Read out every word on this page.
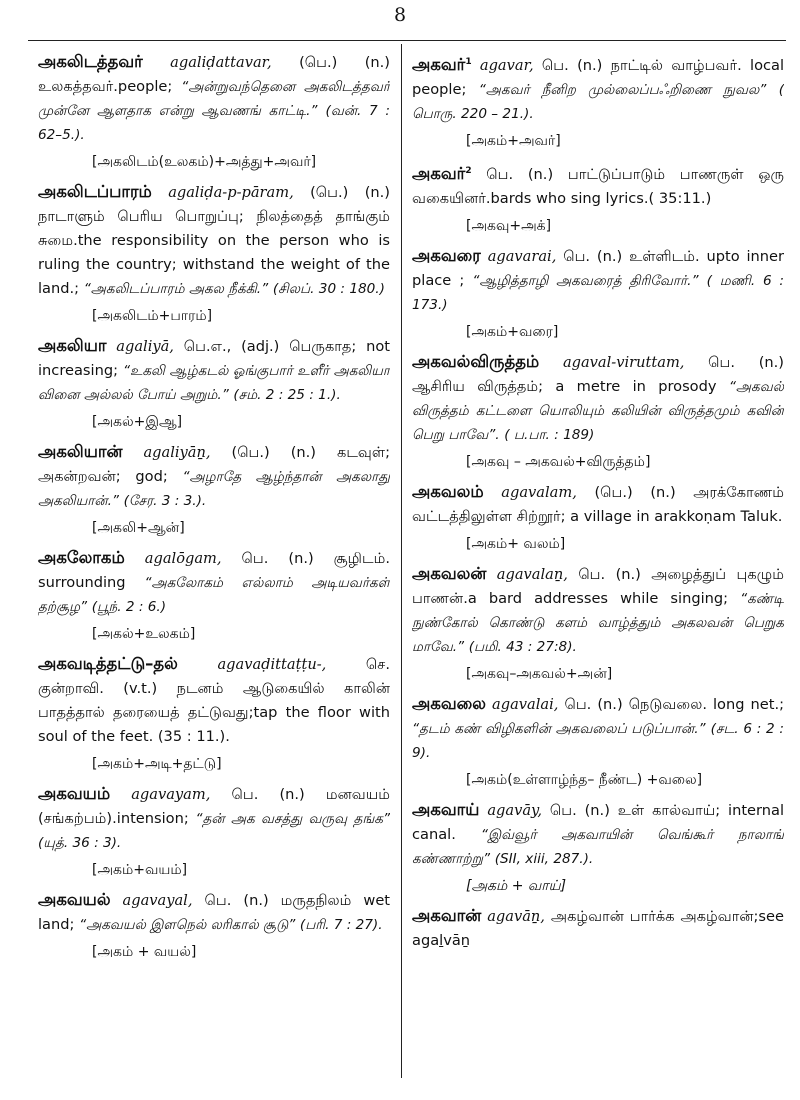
8
அகலிடத்தவர் agaliḍattavar, (பெ.) (n.) உலகத்தவர்.people; “அன்றுவந்தெனை அகலிடத்தவர் முன்னே ஆளதாக என்று ஆவணங் காட்டி.” (வன். 7 : 62–5.).
[அகலிடம்(உலகம்)+அத்து+அவர்]
அகலிடப்பாரம் agaliḍa-p-pāram, (பெ.) (n.) நாடாளும் பெரிய பொறுப்பு; நிலத்தைத் தாங்கும் சுமை.the responsibility on the person who is ruling the country; withstand the weight of the land.; “அகலிடப்பாரம் அகல நீக்கி.” (சிலப். 30 : 180.)
[அகலிடம்+பாரம்]
அகலியா agaliyā, பெ.எ., (adj.) பெருகாத; not increasing; “உகலி ஆழ்கடல் ஓங்குபார் உளீர் அகலியா வினை அல்லல் போய் அறும்.” (சம். 2 : 25 : 1.).
[அகல்+இஆ]
அகலியான் agaliyāṉ, (பெ.) (n.) கடவுள்; அகன்றவன்; god; “அழாதே ஆழ்ந்தான் அகலாது அகலியான்.” (சேர. 3 : 3.).
[அகலி+ஆன்]
அகலோகம் agalōgam, பெ. (n.) சூழிடம். surrounding “அகலோகம் எல்லாம் அடியவர்கள் தற்சூழ” (பூந். 2 : 6.)
[அகல்+உலகம்]
அகவடித்தட்டு–தல்	agavaḍittaṭṭu-,	செ. குன்றாவி. (v.t.) நடனம் ஆடுகையில் காலின் பாதத்தால் தரையைத் தட்டுவது;tap the floor with soul of the feet. (35 : 11.).
[அகம்+அடி+தட்டு]
அகவயம் agavayam, பெ. (n.) மனவயம் (சங்கற்பம்).intension; “தன் அக வசத்து வருவு தங்க” (யுத். 36 : 3).
[அகம்+வயம்]
அகவயல் agavayal, பெ. (n.) மருதநிலம் wet land; “அகவயல் இளநெல் லரிகால் சூடு” (பரி. 7 : 27).
[அகம் + வயல்]
அகவர்$^1$ agavar, பெ. (n.) நாட்டில் வாழ்பவர். local people; “அகவர் நீனிற முல்லைப்பஃறிணை நுவல” ( பொரு. 220 – 21.).
[அகம்+அவர்]
அகவர்$^2$ பெ. (n.) பாட்டுப்பாடும் பாணருள் ஒரு வகையினர்.bards who sing lyrics.( 35:11.)
[அகவு+அக்]
அகவரை agavarai, பெ. (n.) உள்ளிடம். upto inner place ; “ஆழித்தாழி அகவரைத் திரிவோர்.” ( மணி. 6 : 173.)
[அகம்+வரை]
அகவல்விருத்தம் agaval-viruttam, பெ. (n.) ஆசிரிய விருத்தம்; a metre in prosody “அகவல் விருத்தம் கட்டளை யொலியும் கலியின் விருத்தமும் கவின் பெறு பாவே”. ( ப.பா. : 189)
[அகவு – அகவல்+விருத்தம்]
அகவலம் agavalam, (பெ.) (n.) அரக்கோணம் வட்டத்திலுள்ள சிற்றூர்; a village in arakkoṇam Taluk.
[அகம்+ வலம்]
அகவலன் agavalaṉ, பெ. (n.) அழைத்துப் புகழும் பாணன்.a bard addresses while singing; “கண்டி நுண்கோல் கொண்டு களம் வாழ்த்தும் அகலவன் பெறுக மாவே.” (பமி. 43 : 27:8).
[அகவு–அகவல்+அன்]
அகவலை agavalai, பெ. (n.) நெடுவலை. long net.; “தடம் கண் விழிகளின் அகவலைப் படுப்பான்.” (சட. 6 : 2 : 9).
[அகம்(உள்ளாழ்ந்த– நீண்ட) +வலை]
அகவாய் agavāy, பெ. (n.) உள் கால்வாய்; internal canal. “இவ்வூர் அகவாயின் வெங்கூர் நாலாங் கண்ணாற்று” (SII, xiii, 287.).
[அகம் + வாய்]
அகவான் agavāṉ, அகழ்வான் பார்க்க அகழ்வான்;see agaḻvāṉ
